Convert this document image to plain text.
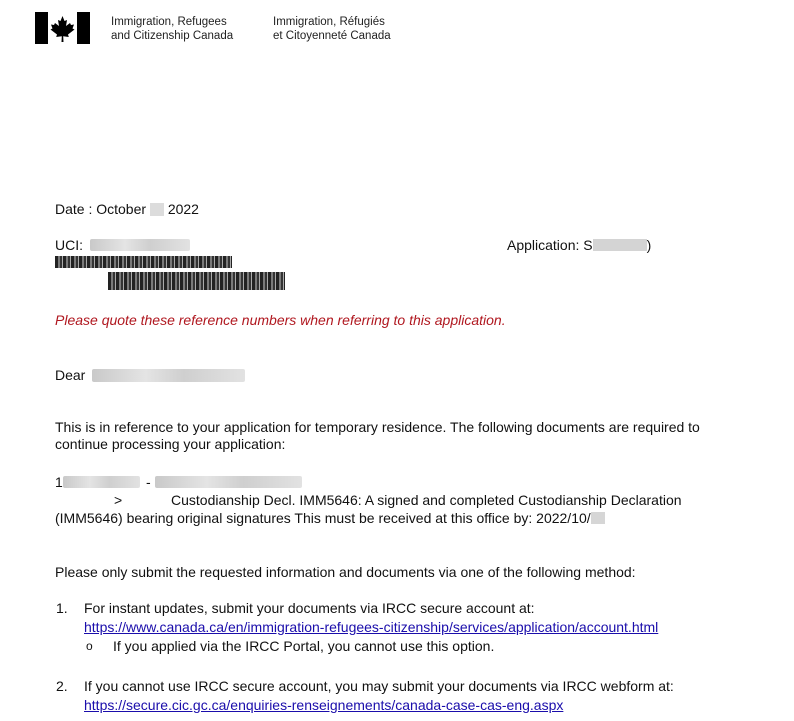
Immigration, Refugees
and Citizenship Canada
Immigration, Réfugiés
et Citoyenneté Canada
Date : October 2022
UCI:	Application: S	)
Please quote these reference numbers when referring to this application.
Dear
This is in reference to your application for temporary residence. The following documents are required to
continue processing your application:
1	-
>	Custodianship Decl. IMM5646: A signed and completed Custodianship Declaration
(IMM5646) bearing original signatures This must be received at this office by: 2022/10/
Please only submit the requested information and documents via one of the following method:
1. For instant updates, submit your documents via IRCC secure account at:
https://www.canada.ca/en/immigration-refugees-citizenship/services/application/account.html
o If you applied via the IRCC Portal, you cannot use this option.
2. If you cannot use IRCC secure account, you may submit your documents via IRCC webform at:
https://secure.cic.gc.ca/enquiries-renseignements/canada-case-cas-eng.aspx
